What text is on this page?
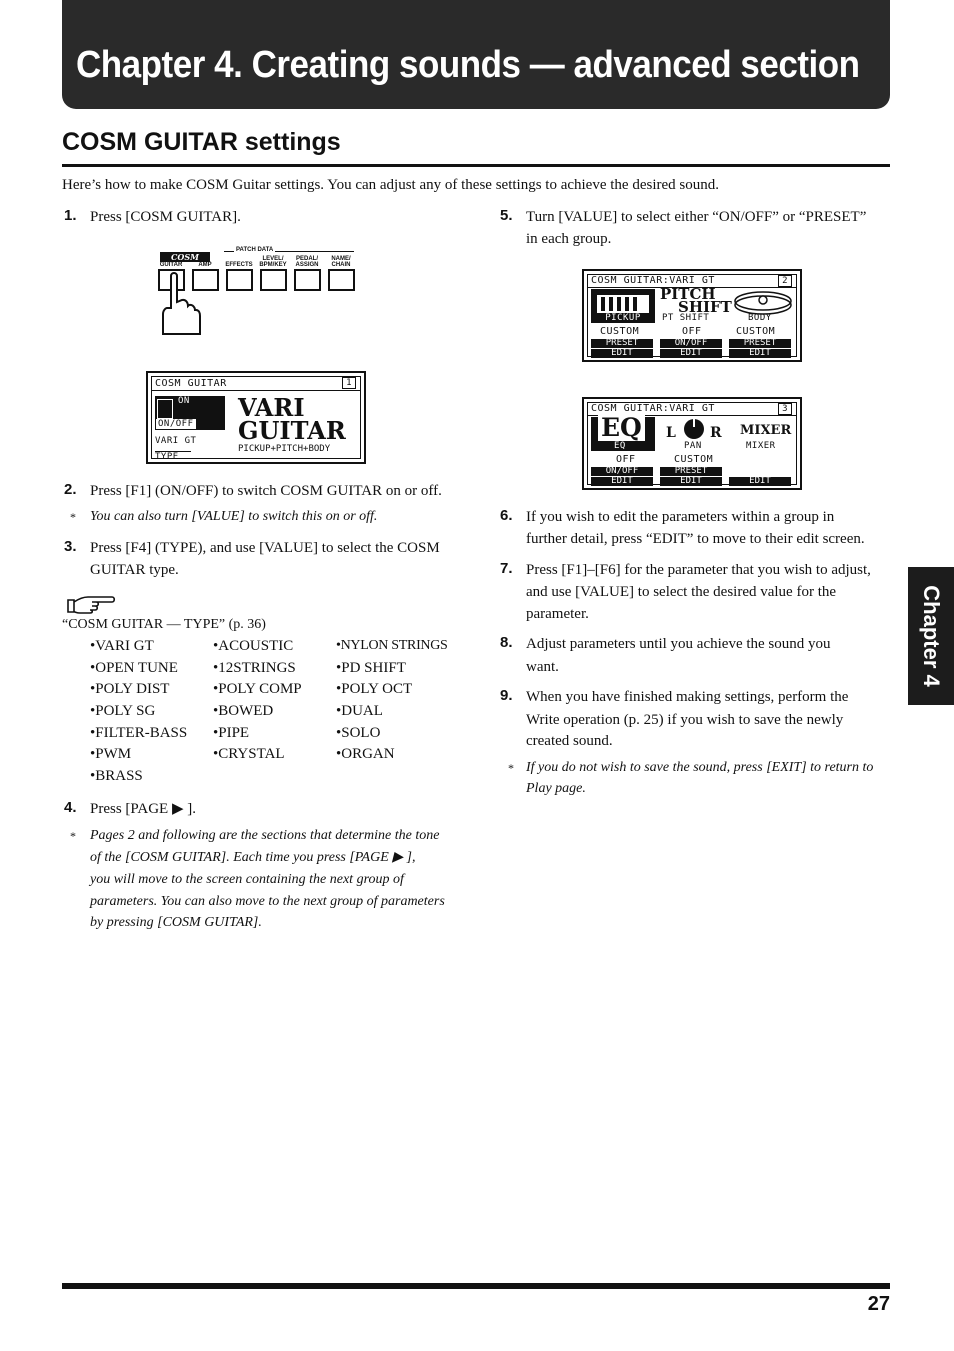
Chapter 4. Creating sounds — advanced section
COSM GUITAR settings
Here’s how to make COSM Guitar settings. You can adjust any of these settings to achieve the desired sound.
1. Press [COSM GUITAR].
COSM
PATCH DATA
GUITAR	AMP	EFFECTS
LEVEL/
BPM/KEY
PEDAL/
ASSIGN
NAME/
CHAIN
COSM GUITAR	1
ON
ON/OFF
VARI GT
TYPE
VARI
GUITAR
PICKUP+PITCH+BODY
2. Press [F1] (ON/OFF) to switch COSM GUITAR on or off.
* You can also turn [VALUE] to switch this on or off.
3. Press [F4] (TYPE), and use [VALUE] to select the COSM
GUITAR type.
“COSM GUITAR — TYPE” (p. 36)
•VARI GT	•ACOUSTIC	•NYLON STRINGS
•OPEN TUNE •12STRINGS	•PD SHIFT
•POLY DIST	•POLY COMP •POLY OCT
•POLY SG	•BOWED	•DUAL
•FILTER-BASS •PIPE	•SOLO
•PWM	•CRYSTAL	•ORGAN
•BRASS
4. Press [PAGE ▶ ].
* Pages 2 and following are the sections that determine the tone
of the [COSM GUITAR]. Each time you press [PAGE ▶ ],
you will move to the screen containing the next group of
parameters. You can also move to the next group of parameters
by pressing [COSM GUITAR].
5. Turn [VALUE] to select either “ON/OFF” or “PRESET”
in each group.
COSM GUITAR:VARI GT	2
PICKUP
PITCH
SHIFT
PT SHIFT	BODY
CUSTOM	OFF	CUSTOM
PRESET	ON/OFF	PRESET
EDIT	EDIT	EDIT
COSM GUITAR:VARI GT	3
EQ
EQ
L R
PAN
MIXER
MIXER
OFF	CUSTOM
ON/OFF	PRESET
EDIT	EDIT	EDIT
6. If you wish to edit the parameters within a group in
further detail, press “EDIT” to move to their edit screen.
7. Press [F1]–[F6] for the parameter that you wish to adjust,
and use [VALUE] to select the desired value for the
parameter.
8. Adjust parameters until you achieve the sound you
want.
9. When you have finished making settings, perform the
Write operation (p. 25) if you wish to save the newly
created sound.
* If you do not wish to save the sound, press [EXIT] to return to
Play page.
Chapter 4
27
